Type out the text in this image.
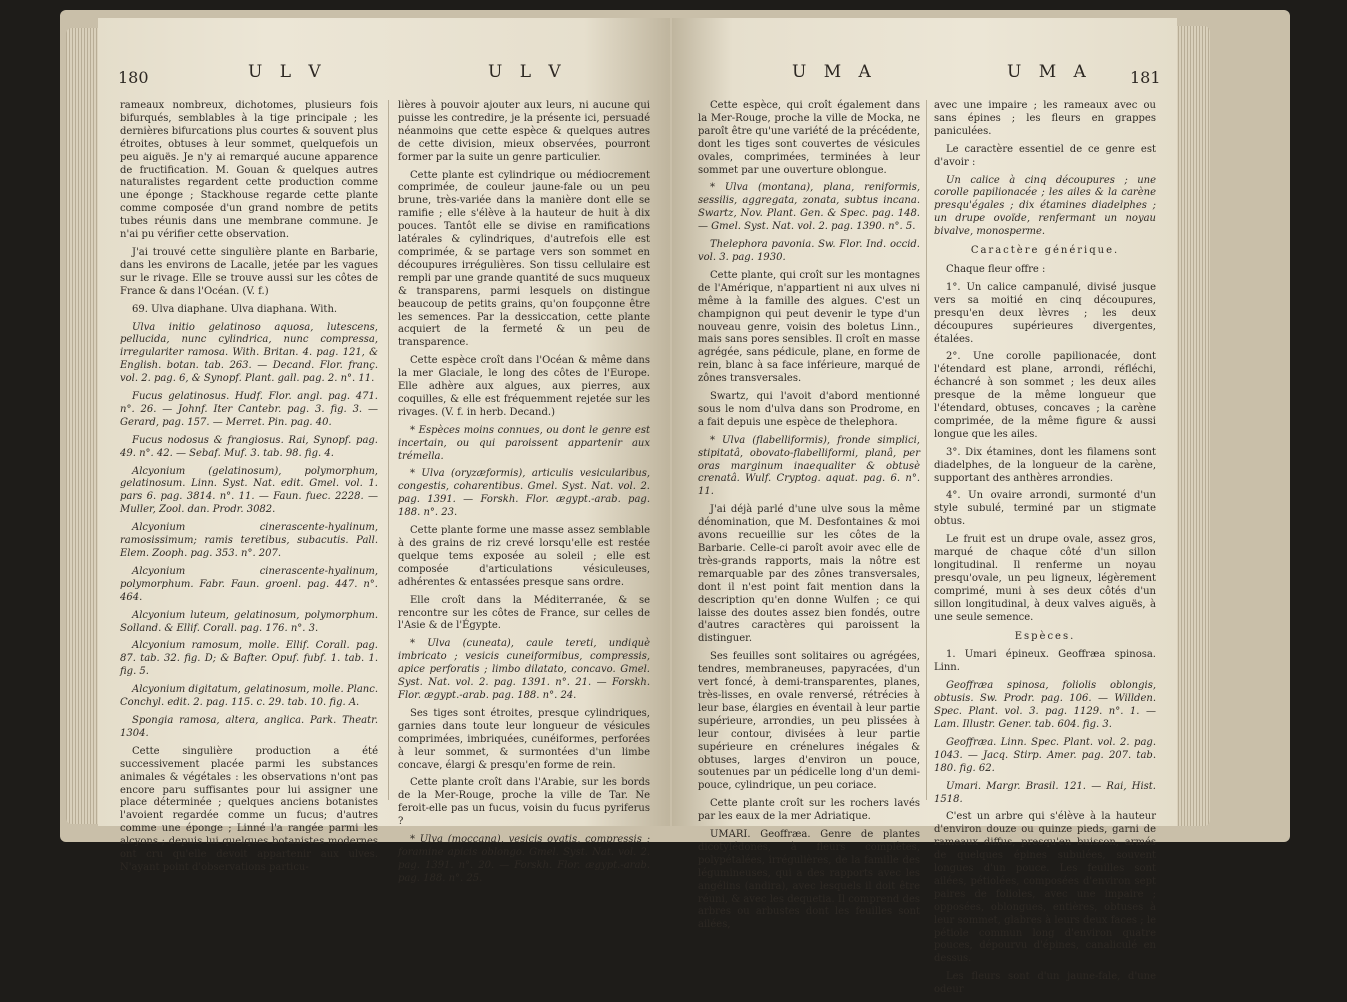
180	U L V	U L V

rameaux nombreux, dichotomes, plusieurs fois bifurqués, semblables à la tige principale ; les dernières bifurcations plus courtes & souvent plus étroites, obtuses à leur sommet, quelquefois un peu aiguës. Je n'y ai remarqué aucune apparence de fructification. M. Gouan & quelques autres naturalistes regardent cette production comme une éponge ; Stackhouse regarde cette plante comme composée d'un grand nombre de petits tubes réunis dans une membrane commune. Je n'ai pu vérifier cette observation.

J'ai trouvé cette singulière plante en Barbarie, dans les environs de Lacalle, jetée par les vagues sur le rivage. Elle se trouve aussi sur les côtes de France & dans l'Océan. (V. f.)

69. Ulva diaphane. Ulva diaphana. With.

Ulva initio gelatinoso aquosa, lutescens, pellucida, nunc cylindrica, nunc compressa, irregulariter ramosa. With. Britan. 4. pag. 121, & English. botan. tab. 263. — Decand. Flor. franç. vol. 2. pag. 6, & Synopf. Plant. gall. pag. 2. n°. 11.

Fucus gelatinosus. Hudf. Flor. angl. pag. 471. n°. 26. — Johnf. Iter Cantebr. pag. 3. fig. 3. — Gerard, pag. 157. — Merret. Pin. pag. 40.

Fucus nodosus & frangiosus. Rai, Synopf. pag. 49. n°. 42. — Sebaf. Muf. 3. tab. 98. fig. 4.

Alcyonium (gelatinosum), polymorphum, gelatinosum. Linn. Syst. Nat. edit. Gmel. vol. 1. pars 6. pag. 3814. n°. 11. — Faun. fuec. 2228. — Muller, Zool. dan. Prodr. 3082.

Alcyonium cinerascente-hyalinum, ramosissimum; ramis teretibus, subacutis. Pall. Elem. Zooph. pag. 353. n°. 207.

Alcyonium cinerascente-hyalinum, polymorphum. Fabr. Faun. groenl. pag. 447. n°. 464.

Alcyonium luteum, gelatinosum, polymorphum. Solland. & Ellif. Corall. pag. 176. n°. 3.

Alcyonium ramosum, molle. Ellif. Corall. pag. 87. tab. 32. fig. D; & Bafter. Opuf. fubf. 1. tab. 1. fig. 5.

Alcyonium digitatum, gelatinosum, molle. Planc. Conchyl. edit. 2. pag. 115. c. 29. tab. 10. fig. A.

Spongia ramosa, altera, anglica. Park. Theatr. 1304.

Cette singulière production a été successivement placée parmi les substances animales & végétales : les observations n'ont pas encore paru suffisantes pour lui assigner une place déterminée ; quelques anciens botanistes l'avoient regardée comme un fucus; d'autres comme une éponge ; Linné l'a rangée parmi les alcyons ; depuis lui quelques botanistes modernes ont cru qu'elle devoit appartenir aux ulves. N'ayant point d'observations particu-

lières à pouvoir ajouter aux leurs, ni aucune qui puisse les contredire, je la présente ici, persuadé néanmoins que cette espèce & quelques autres de cette division, mieux observées, pourront former par la suite un genre particulier.

Cette plante est cylindrique ou médiocrement comprimée, de couleur jaune-fale ou un peu brune, très-variée dans la manière dont elle se ramifie ; elle s'élève à la hauteur de huit à dix pouces. Tantôt elle se divise en ramifications latérales & cylindriques, d'autrefois elle est comprimée, & se partage vers son sommet en découpures irrégulières. Son tissu cellulaire est rempli par une grande quantité de sucs muqueux & transparens, parmi lesquels on distingue beaucoup de petits grains, qu'on foupçonne être les semences. Par la dessiccation, cette plante acquiert de la fermeté & un peu de transparence.

Cette espèce croît dans l'Océan & même dans la mer Glaciale, le long des côtes de l'Europe. Elle adhère aux algues, aux pierres, aux coquilles, & elle est fréquemment rejetée sur les rivages. (V. f. in herb. Decand.)

* Espèces moins connues, ou dont le genre est incertain, ou qui paroissent appartenir aux trémella.

* Ulva (oryzæformis), articulis vesicularibus, congestis, coharentibus. Gmel. Syst. Nat. vol. 2. pag. 1391. — Forskh. Flor. ægypt.-arab. pag. 188. n°. 23.

Cette plante forme une masse assez semblable à des grains de riz crevé lorsqu'elle est restée quelque tems exposée au soleil ; elle est composée d'articulations vésiculeuses, adhérentes & entassées presque sans ordre.

Elle croît dans la Méditerranée, & se rencontre sur les côtes de France, sur celles de l'Asie & de l'Égypte.

* Ulva (cuneata), caule tereti, undiquè imbricato ; vesicis cuneiformibus, compressis, apice perforatis ; limbo dilatato, concavo. Gmel. Syst. Nat. vol. 2. pag. 1391. n°. 21. — Forskh. Flor. ægypt.-arab. pag. 188. n°. 24.

Ses tiges sont étroites, presque cylindriques, garnies dans toute leur longueur de vésicules comprimées, imbriquées, cunéiformes, perforées à leur sommet, & surmontées d'un limbe concave, élargi & presqu'en forme de rein.

Cette plante croît dans l'Arabie, sur les bords de la Mer-Rouge, proche la ville de Tar. Ne feroit-elle pas un fucus, voisin du fucus pyriferus ?

* Ulva (moccana), vesicis ovatis, compressis ; foramine apicis oblongo. Gmel. Syst. Nat. vol. 2. pag. 1391. n°. 20. — Forskh. Flor. ægypt.-arab. pag. 188. n°. 25.

U M A	U M A 181

Cette espèce, qui croît également dans la Mer-Rouge, proche la ville de Mocka, ne paroît être qu'une variété de la précédente, dont les tiges sont couvertes de vésicules ovales, comprimées, terminées à leur sommet par une ouverture oblongue.

* Ulva (montana), plana, reniformis, sessilis, aggregata, zonata, subtus incana. Swartz, Nov. Plant. Gen. & Spec. pag. 148. — Gmel. Syst. Nat. vol. 2. pag. 1390. n°. 5.

Thelephora pavonia. Sw. Flor. Ind. occid. vol. 3. pag. 1930.

Cette plante, qui croît sur les montagnes de l'Amérique, n'appartient ni aux ulves ni même à la famille des algues. C'est un champignon qui peut devenir le type d'un nouveau genre, voisin des boletus Linn., mais sans pores sensibles. Il croît en masse agrégée, sans pédicule, plane, en forme de rein, blanc à sa face inférieure, marqué de zônes transversales.

Swartz, qui l'avoit d'abord mentionné sous le nom d'ulva dans son Prodrome, en a fait depuis une espèce de thelephora.

* Ulva (flabelliformis), fronde simplici, stipitatâ, obovato-flabelliformi, planâ, per oras marginum inaequaliter & obtusè crenatâ. Wulf. Cryptog. aquat. pag. 6. n°. 11.

J'ai déjà parlé d'une ulve sous la même dénomination, que M. Desfontaines & moi avons recueillie sur les côtes de la Barbarie. Celle-ci paroît avoir avec elle de très-grands rapports, mais la nôtre est remarquable par des zônes transversales, dont il n'est point fait mention dans la description qu'en donne Wulfen ; ce qui laisse des doutes assez bien fondés, outre d'autres caractères qui paroissent la distinguer.

Ses feuilles sont solitaires ou agrégées, tendres, membraneuses, papyracées, d'un vert foncé, à demi-transparentes, planes, très-lisses, en ovale renversé, rétrécies à leur base, élargies en éventail à leur partie supérieure, arrondies, un peu plissées à leur contour, divisées à leur partie supérieure en crénelures inégales & obtuses, larges d'environ un pouce, soutenues par un pédicelle long d'un demi-pouce, cylindrique, un peu coriace.

Cette plante croît sur les rochers lavés par les eaux de la mer Adriatique.

UMARI. Geoffræa. Genre de plantes dicotylédones, à fleurs complètes, polypétalées, irrégulières, de la famille des légumineuses, qui a des rapports avec les angélins (andira), avec lesquels il doit être réuni, & avec les dequetia. Il comprend des arbres ou arbustes dont les feuilles sont ailées,

avec une impaire ; les rameaux avec ou sans épines ; les fleurs en grappes paniculées.

Le caractère essentiel de ce genre est d'avoir :

Un calice à cinq découpures ; une corolle papilionacée ; les ailes & la carène presqu'égales ; dix étamines diadelphes ; un drupe ovoïde, renfermant un noyau bivalve, monosperme.

Caractère générique.

Chaque fleur offre :

1°. Un calice campanulé, divisé jusque vers sa moitié en cinq découpures, presqu'en deux lèvres ; les deux découpures supérieures divergentes, étalées.

2°. Une corolle papilionacée, dont l'étendard est plane, arrondi, réfléchi, échancré à son sommet ; les deux ailes presque de la même longueur que l'étendard, obtuses, concaves ; la carène comprimée, de la même figure & aussi longue que les ailes.

3°. Dix étamines, dont les filamens sont diadelphes, de la longueur de la carène, supportant des anthères arrondies.

4°. Un ovaire arrondi, surmonté d'un style subulé, terminé par un stigmate obtus.

Le fruit est un drupe ovale, assez gros, marqué de chaque côté d'un sillon longitudinal. Il renferme un noyau presqu'ovale, un peu ligneux, légèrement comprimé, muni à ses deux côtés d'un sillon longitudinal, à deux valves aiguës, à une seule semence.

Espèces.

1. Umari épineux. Geoffræa spinosa. Linn.

Geoffræa spinosa, foliolis oblongis, obtusis. Sw. Prodr. pag. 106. — Willden. Spec. Plant. vol. 3. pag. 1129. n°. 1. — Lam. Illustr. Gener. tab. 604. fig. 3.

Geoffræa. Linn. Spec. Plant. vol. 2. pag. 1043. — Jacq. Stirp. Amer. pag. 207. tab. 180. fig. 62.

Umari. Margr. Brasil. 121. — Rai, Hist. 1518.

C'est un arbre qui s'élève à la hauteur d'environ douze ou quinze pieds, garni de rameaux diffus, presqu'en buisson, armés de quelques épines subulées, souvent longues d'un pouce. Les feuilles sont ailées, pétiolées, composées d'environ sept paires de folioles, avec une impaire ; opposées, oblongues, entières, obtuses à leur sommet, glabres à leurs deux faces ; le pétiole commun long d'environ quatre pouces, dépourvu d'épines, canaliculé en dessus.

Les fleurs sont d'un jaune-fale, d'une odeur
